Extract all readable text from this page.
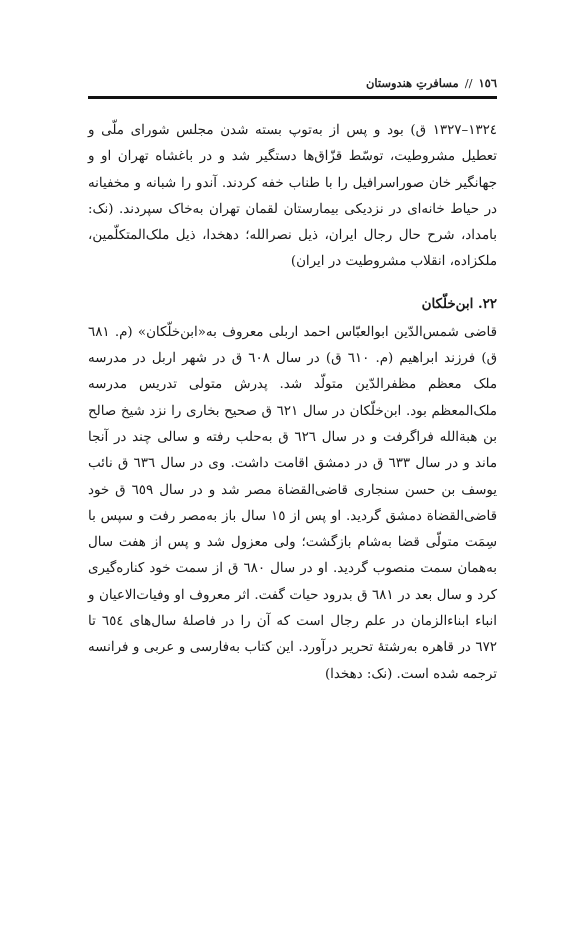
١٥٦
//
مسافرتِ هندوستان

١٣٢٤–١٣٢٧ ق) بود و پس از به‌توپ بسته شدن مجلس شورای ملّی و تعطیل مشروطیت، توسّط قزّاق‌ها دستگیر شد و در باغشاه تهران او و جهانگیر خان صوراسرافیل را با طناب خفه کردند. آندو را شبانه و مخفیانه در حیاط خانه‌ای در نزدیکی بیمارستان لقمان تهران به‌خاک سپردند. (نک: بامداد، شرح حال رجال ایران، ذیل نصرالله؛ دهخدا، ذیل ملک‌المتکلّمین، ملکزاده، انقلاب مشروطیت در ایران)

٢٢. ابن‌خلّکان

قاضی شمس‌الدّین ابوالعبّاس احمد اربلی معروف به«ابن‌خلّکان» (م. ٦٨١ ق) فرزند ابراهیم (م. ٦١٠ ق) در سال ٦٠٨ ق در شهر اربل در مدرسه ملک معظم مظفرالدّین متولّد شد. پدرش متولی تدریس مدرسه ملک‌المعظم بود. ابن‌خلّکان در سال ٦٢١ ق صحیح بخاری را نزد شیخ صالح بن هبةالله فراگرفت و در سال ٦٢٦ ق به‌حلب رفته و سالی چند در آنجا ماند و در سال ٦٣٣ ق در دمشق اقامت داشت. وی در سال ٦٣٦ ق نائب یوسف بن حسن سنجاری قاضی‌القضاة مصر شد و در سال ٦٥٩ ق خود قاضی‌القضاة دمشق گردید. او پس از ١٥ سال باز به‌مصر رفت و سپس با سِمَت متولّی قضا به‌شام بازگشت؛ ولی معزول شد و پس از هفت سال به‌همان سمت منصوب گردید. او در سال ٦٨٠ ق از سمت خود کناره‌گیری کرد و سال بعد در ٦٨١ ق بدرود حیات گفت. اثر معروف او وفیات‌الاعیان و انباء ابناءالزمان در علم رجال است که آن را در فاصلهٔ سال‌های ٦٥٤ تا ٦٧٢ در قاهره به‌رشتهٔ تحریر درآورد. این کتاب به‌فارسی و عربی و فرانسه ترجمه شده است. (نک: دهخدا)
